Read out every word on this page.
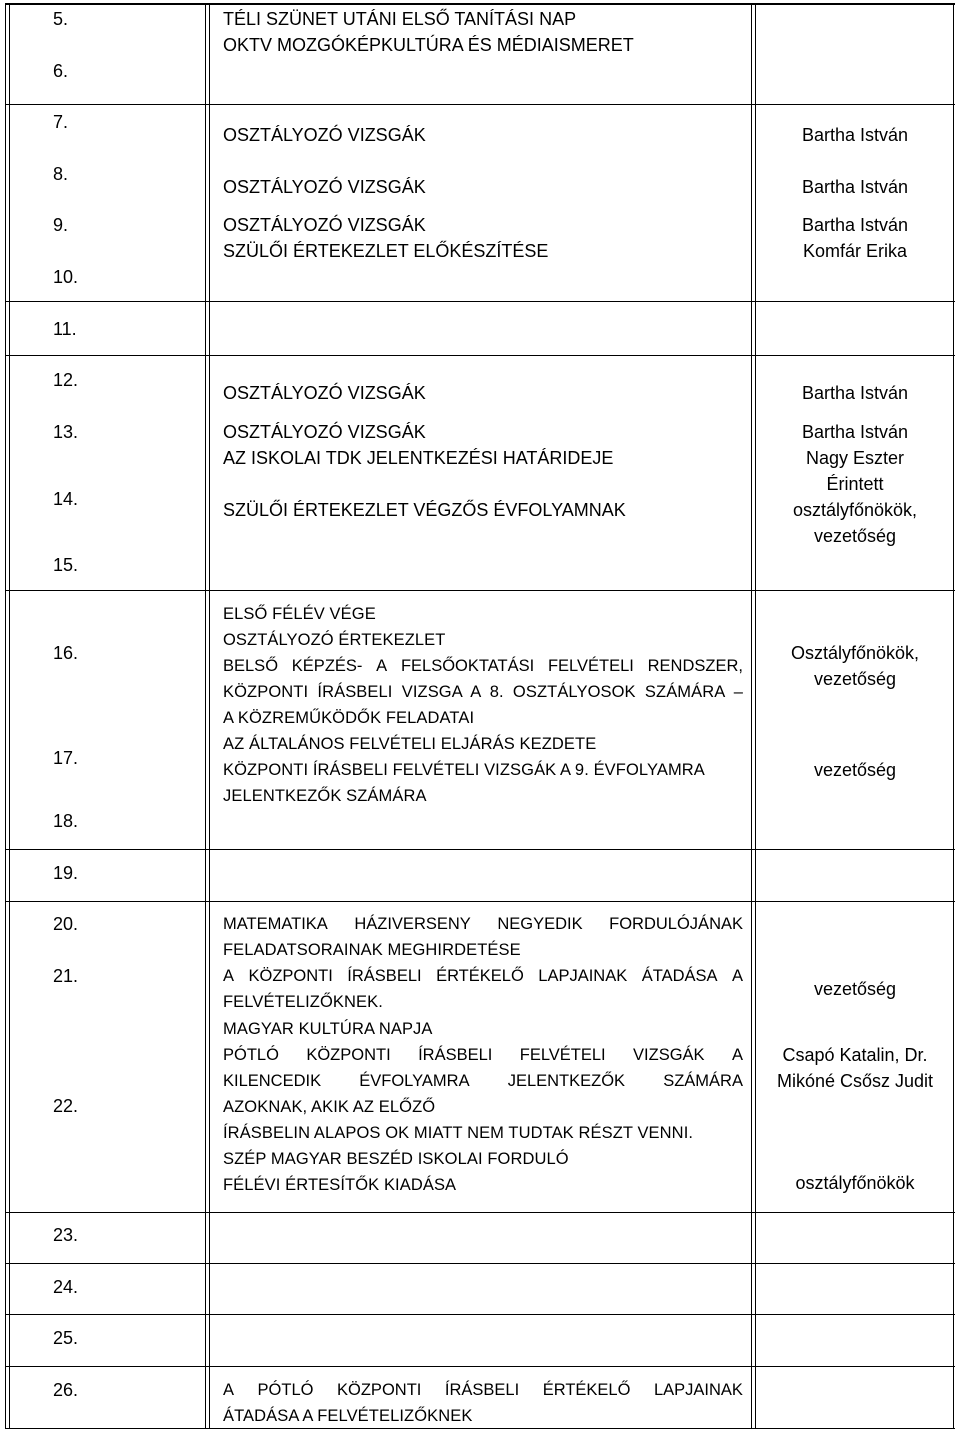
5.
6.
7.
8.
9.
10.
11.
12.
13.
14.
15.
16.
17.
18.
19.
20.
21.
22.
23.
24.
25.
26.
TÉLI SZÜNET UTÁNI ELSŐ TANÍTÁSI NAP
OKTV MOZGÓKÉPKULTÚRA ÉS MÉDIAISMERET
OSZTÁLYOZÓ VIZSGÁK
OSZTÁLYOZÓ VIZSGÁK
OSZTÁLYOZÓ VIZSGÁK
SZÜLŐI ÉRTEKEZLET ELŐKÉSZÍTÉSE
OSZTÁLYOZÓ VIZSGÁK
OSZTÁLYOZÓ VIZSGÁK
AZ ISKOLAI TDK JELENTKEZÉSI HATÁRIDEJE
SZÜLŐI ÉRTEKEZLET VÉGZŐS ÉVFOLYAMNAK
ELSŐ FÉLÉV VÉGE
OSZTÁLYOZÓ ÉRTEKEZLET
BELSŐ KÉPZÉS- A FELSŐOKTATÁSI FELVÉTELI RENDSZER,
KÖZPONTI ÍRÁSBELI VIZSGA A 8. OSZTÁLYOSOK SZÁMÁRA –
A KÖZREMŰKÖDŐK FELADATAI
AZ ÁLTALÁNOS FELVÉTELI ELJÁRÁS KEZDETE
KÖZPONTI ÍRÁSBELI FELVÉTELI VIZSGÁK A 9. ÉVFOLYAMRA
JELENTKEZŐK SZÁMÁRA
MATEMATIKA HÁZIVERSENY NEGYEDIK FORDULÓJÁNAK
FELADATSORAINAK MEGHIRDETÉSE
A KÖZPONTI ÍRÁSBELI ÉRTÉKELŐ LAPJAINAK ÁTADÁSA A
FELVÉTELIZŐKNEK.
MAGYAR KULTÚRA NAPJA
PÓTLÓ KÖZPONTI ÍRÁSBELI FELVÉTELI VIZSGÁK A
KILENCEDIK ÉVFOLYAMRA JELENTKEZŐK SZÁMÁRA
AZOKNAK, AKIK AZ ELŐZŐ
ÍRÁSBELIN ALAPOS OK MIATT NEM TUDTAK RÉSZT VENNI.
SZÉP MAGYAR BESZÉD ISKOLAI FORDULÓ
FÉLÉVI ÉRTESÍTŐK KIADÁSA
A PÓTLÓ KÖZPONTI ÍRÁSBELI ÉRTÉKELŐ LAPJAINAK
ÁTADÁSA A FELVÉTELIZŐKNEK
Bartha István
Bartha István
Bartha István
Komfár Erika
Bartha István
Bartha István
Nagy Eszter
Érintett
osztályfőnökök,
vezetőség
Osztályfőnökök,
vezetőség
vezetőség
vezetőség
Csapó Katalin, Dr.
Mikóné Csősz Judit
osztályfőnökök
